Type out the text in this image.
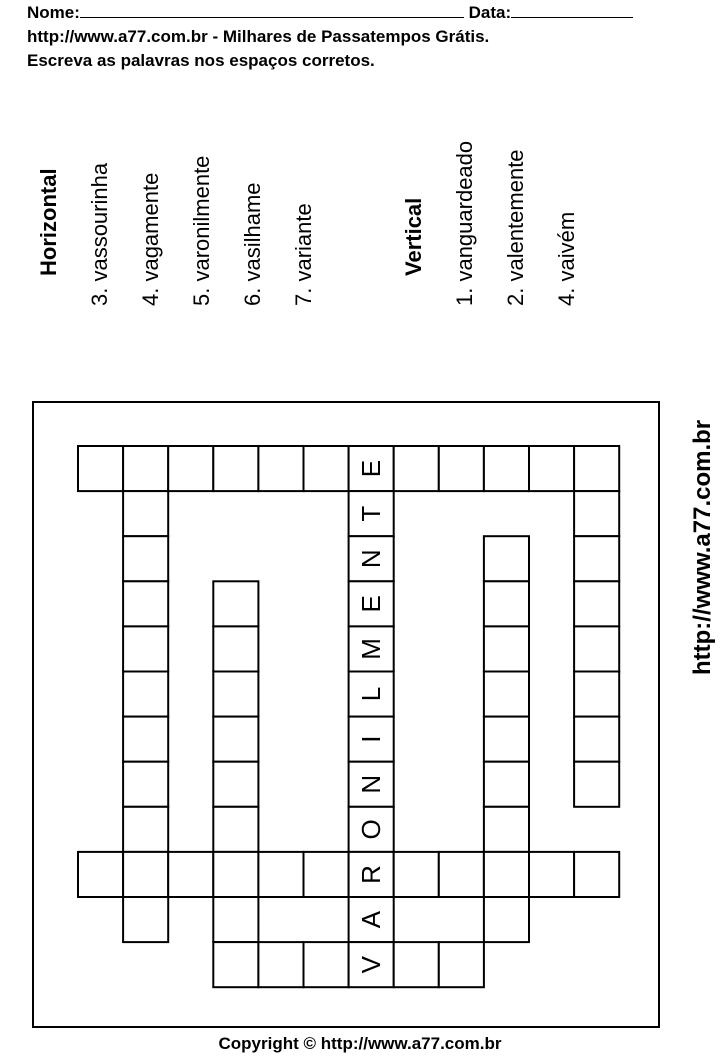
Nome:	Data:
http://www.a77.com.br - Milhares de Passatempos Grátis.
Escreva as palavras nos espaços corretos.
Horizontal 3. vassourinha 4. vagamente 5. varonilmente 6. vasilhame 7. variante	Vertical 1. vanguardeado 2. valentemente 4. vaivém
http://www.a77.com.br
V
A
R
O
N
I
L
M
E
N
T
E
Copyright © http://www.a77.com.br
